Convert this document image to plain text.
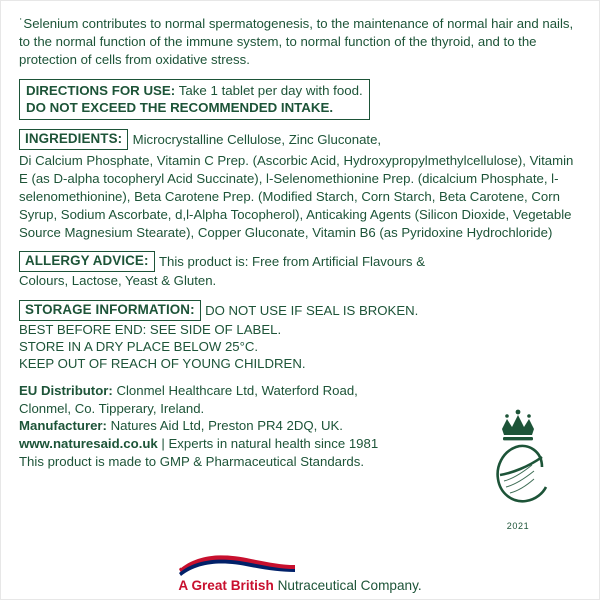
˙Selenium contributes to normal spermatogenesis, to the maintenance of normal hair and nails, to the normal function of the immune system, to normal function of the thyroid, and to the protection of cells from oxidative stress.

DIRECTIONS FOR USE: Take 1 tablet per day with food.
DO NOT EXCEED THE RECOMMENDED INTAKE.
INGREDIENTS: Microcrystalline Cellulose, Zinc Gluconate,
Di Calcium Phosphate, Vitamin C Prep. (Ascorbic Acid, Hydroxypropylmethylcellulose), Vitamin E (as D-alpha tocopheryl Acid Succinate), l-Selenomethionine Prep. (dicalcium Phosphate, l-selenomethionine), Beta Carotene Prep. (Modified Starch, Corn Starch, Beta Carotene, Corn Syrup, Sodium Ascorbate, d,l-Alpha Tocopherol), Anticaking Agents (Silicon Dioxide, Vegetable Source Magnesium Stearate), Copper Gluconate, Vitamin B6 (as Pyridoxine Hydrochloride)
ALLERGY ADVICE: This product is: Free from Artificial Flavours &
Colours, Lactose, Yeast & Gluten.
STORAGE INFORMATION: DO NOT USE IF SEAL IS BROKEN.
BEST BEFORE END: SEE SIDE OF LABEL.
STORE IN A DRY PLACE BELOW 25°C.
KEEP OUT OF REACH OF YOUNG CHILDREN.
EU Distributor: Clonmel Healthcare Ltd, Waterford Road,
Clonmel, Co. Tipperary, Ireland.
Manufacturer: Natures Aid Ltd, Preston PR4 2DQ, UK.
www.naturesaid.co.uk | Experts in natural health since 1981
This product is made to GMP & Pharmaceutical Standards.
2021
A Great British Nutraceutical Company.
